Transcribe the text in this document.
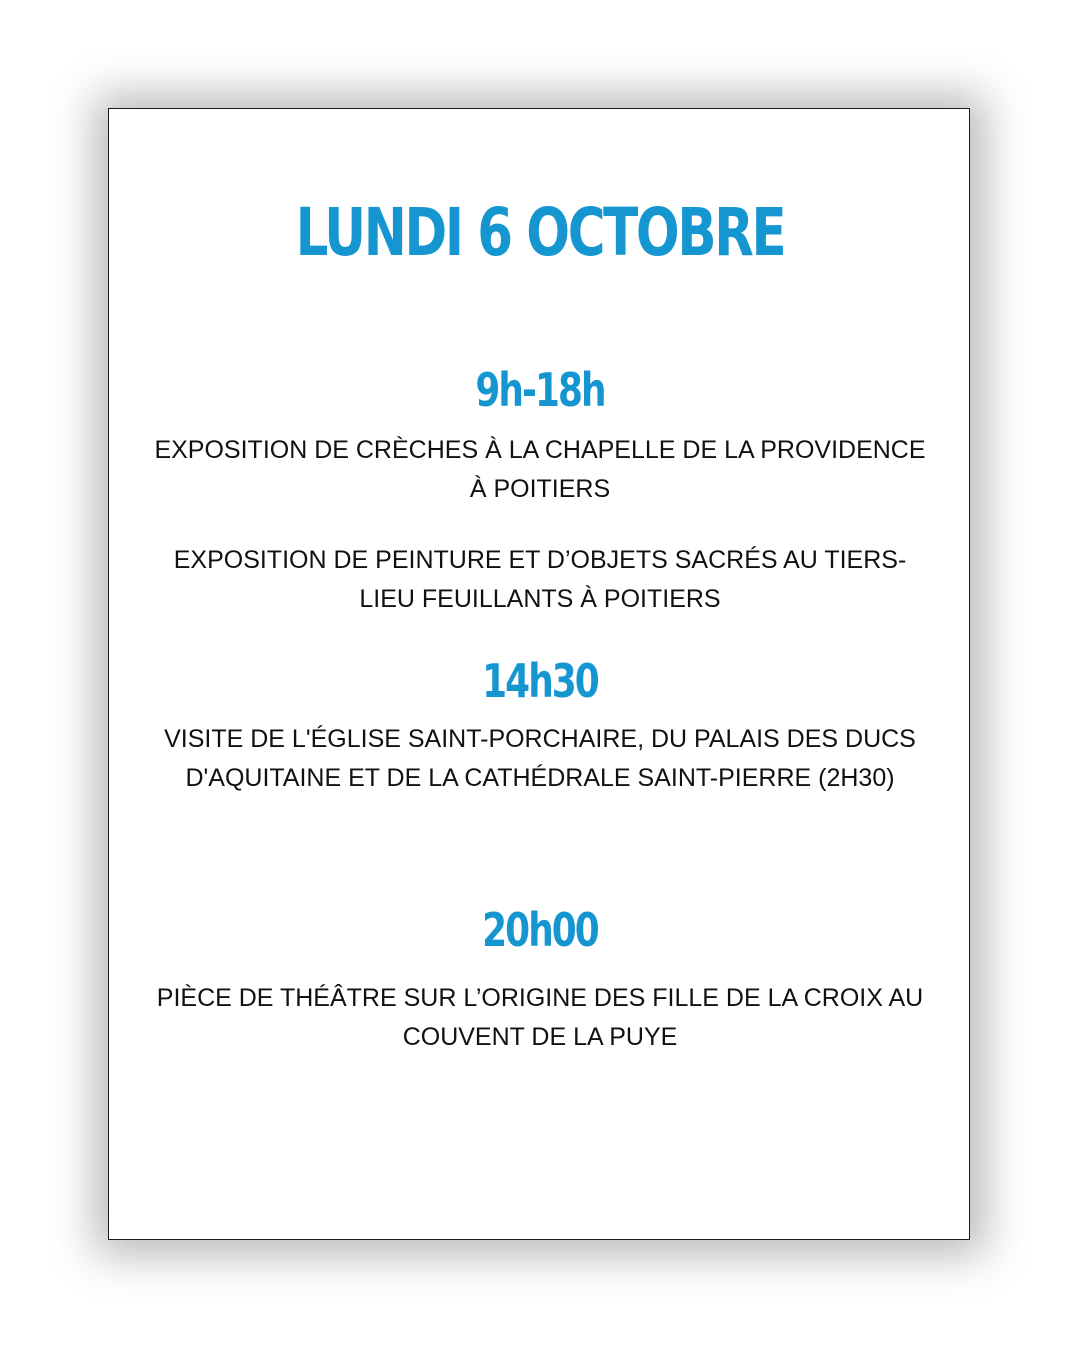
LUNDI 6 OCTOBRE
9h-18h

EXPOSITION DE CRÈCHES À LA CHAPELLE DE LA PROVIDENCE À POITIERS

EXPOSITION DE PEINTURE ET D’OBJETS SACRÉS AU TIERS-LIEU FEUILLANTS À POITIERS

14h30

VISITE DE L'ÉGLISE SAINT-PORCHAIRE, DU PALAIS DES DUCS D'AQUITAINE ET DE LA CATHÉDRALE SAINT-PIERRE (2H30)

20h00

PIÈCE DE THÉÂTRE SUR L’ORIGINE DES FILLE DE LA CROIX AU COUVENT DE LA PUYE
